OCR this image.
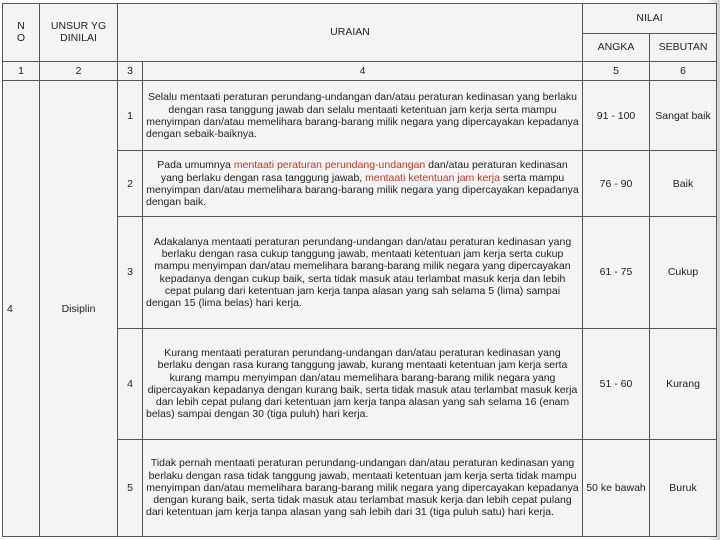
N
O	UNSUR YG DINILAI	URAIAN		NILAI	
				ANGKA	SEBUTAN
1	2	3	4	5	6
4	Disiplin	1	Selalu mentaati peraturan perundang-undangan dan/atau peraturan kedinasan yang berlaku dengan rasa tanggung jawab dan selalu mentaati ketentuan jam kerja serta mampu menyimpan dan/atau memelihara barang-barang milik negara yang dipercayakan kepadanya dengan sebaik-baiknya.	91 - 100	Sangat baik
		2	Pada umumnya mentaati peraturan perundang-undangan dan/atau peraturan kedinasan yang berlaku dengan rasa tanggung jawab, mentaati ketentuan jam kerja serta mampu menyimpan dan/atau memelihara barang-barang milik negara yang dipercayakan kepadanya dengan baik.	76 - 90	Baik
		3	Adakalanya mentaati peraturan perundang-undangan dan/atau peraturan kedinasan yang berlaku dengan rasa cukup tanggung jawab, mentaati ketentuan jam kerja serta cukup mampu menyimpan dan/atau memelihara barang-barang milik negara yang dipercayakan kepadanya dengan cukup baik, serta tidak masuk atau terlambat masuk kerja dan lebih cepat pulang dari ketentuan jam kerja tanpa alasan yang sah selama 5 (lima) sampai dengan 15 (lima belas) hari kerja.	61 - 75	Cukup
		4	Kurang mentaati peraturan perundang-undangan dan/atau peraturan kedinasan yang berlaku dengan rasa kurang tanggung jawab, kurang mentaati ketentuan jam kerja serta kurang mampu menyimpan dan/atau memelihara barang-barang milik negara yang dipercayakan kepadanya dengan kurang baik, serta tidak masuk atau terlambat masuk kerja dan lebih cepat pulang dari ketentuan jam kerja tanpa alasan yang sah selama 16 (enam belas) sampai dengan 30 (tiga puluh) hari kerja.	51 - 60	Kurang
		5	Tidak pernah mentaati peraturan perundang-undangan dan/atau peraturan kedinasan yang berlaku dengan rasa tidak tanggung jawab, mentaati ketentuan jam kerja serta tidak mampu menyimpan dan/atau memelihara barang-barang milik negara yang dipercayakan kepadanya dengan kurang baik, serta tidak masuk atau terlambat masuk kerja dan lebih cepat pulang dari ketentuan jam kerja tanpa alasan yang sah lebih dari 31 (tiga puluh satu) hari kerja.	50 ke bawah	Buruk
